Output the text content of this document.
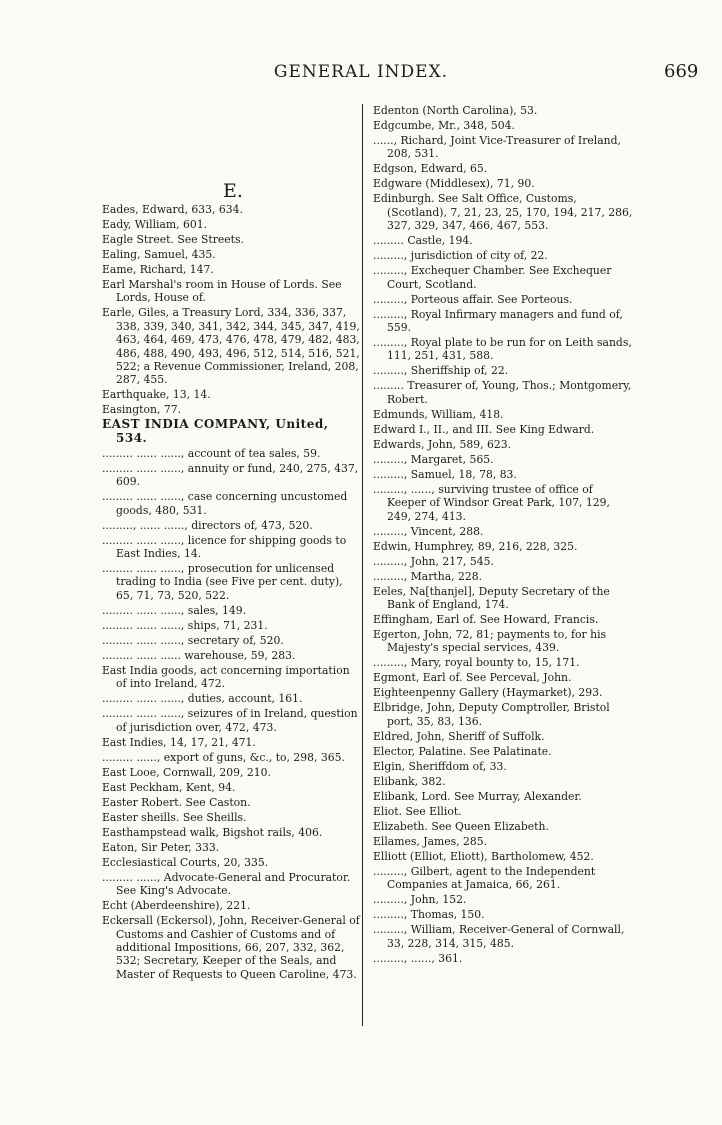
GENERAL INDEX.	669
E.
Eades, Edward, 633, 634.
Eady, William, 601.
Eagle Street. See Streets.
Ealing, Samuel, 435.
Eame, Richard, 147.
Earl Marshal's room in House of Lords. See Lords, House of.
Earle, Giles, a Treasury Lord, 334, 336, 337, 338, 339, 340, 341, 342, 344, 345, 347, 419, 463, 464, 469, 473, 476, 478, 479, 482, 483, 486, 488, 490, 493, 496, 512, 514, 516, 521, 522; a Revenue Commissioner, Ireland, 208, 287, 455.
Earthquake, 13, 14.
Easington, 77.
EAST INDIA COMPANY, United, 534.
......... ...... ......, account of tea sales, 59.
......... ...... ......, annuity or fund, 240, 275, 437, 609.
......... ...... ......, case concerning uncustomed goods, 480, 531.
........., ...... ......, directors of, 473, 520.
......... ...... ......, licence for shipping goods to East Indies, 14.
......... ...... ......, prosecution for unlicensed trading to India (see Five per cent. duty), 65, 71, 73, 520, 522.
......... ...... ......, sales, 149.
......... ...... ......, ships, 71, 231.
......... ...... ......, secretary of, 520.
......... ...... ...... warehouse, 59, 283.
East India goods, act concerning importation of into Ireland, 472.
......... ...... ......, duties, account, 161.
......... ...... ......, seizures of in Ireland, question of jurisdiction over, 472, 473.
East Indies, 14, 17, 21, 471.
......... ......, export of guns, &c., to, 298, 365.
East Looe, Cornwall, 209, 210.
East Peckham, Kent, 94.
Easter Robert. See Caston.
Easter sheills. See Sheills.
Easthampstead walk, Bigshot rails, 406.
Eaton, Sir Peter, 333.
Ecclesiastical Courts, 20, 335.
......... ......, Advocate-General and Procurator. See King's Advocate.
Echt (Aberdeenshire), 221.
Eckersall (Eckersol), John, Receiver-General of Customs and Cashier of Customs and of additional Impositions, 66, 207, 332, 362, 532; Secretary, Keeper of the Seals, and Master of Requests to Queen Caroline, 473.
Edenton (North Carolina), 53.
Edgcumbe, Mr., 348, 504.
......, Richard, Joint Vice-Treasurer of Ireland, 208, 531.
Edgson, Edward, 65.
Edgware (Middlesex), 71, 90.
Edinburgh. See Salt Office, Customs, (Scotland), 7, 21, 23, 25, 170, 194, 217, 286, 327, 329, 347, 466, 467, 553.
......... Castle, 194.
........., jurisdiction of city of, 22.
........., Exchequer Chamber. See Exchequer Court, Scotland.
........., Porteous affair. See Porteous.
........., Royal Infirmary managers and fund of, 559.
........., Royal plate to be run for on Leith sands, 111, 251, 431, 588.
........., Sheriffship of, 22.
......... Treasurer of, Young, Thos.; Montgomery, Robert.
Edmunds, William, 418.
Edward I., II., and III. See King Edward.
Edwards, John, 589, 623.
........., Margaret, 565.
........., Samuel, 18, 78, 83.
........., ......, surviving trustee of office of Keeper of Windsor Great Park, 107, 129, 249, 274, 413.
........., Vincent, 288.
Edwin, Humphrey, 89, 216, 228, 325.
........., John, 217, 545.
........., Martha, 228.
Eeles, Na[thanjel], Deputy Secretary of the Bank of England, 174.
Effingham, Earl of. See Howard, Francis.
Egerton, John, 72, 81; payments to, for his Majesty's special services, 439.
........., Mary, royal bounty to, 15, 171.
Egmont, Earl of. See Perceval, John.
Eighteenpenny Gallery (Haymarket), 293.
Elbridge, John, Deputy Comptroller, Bristol port, 35, 83, 136.
Eldred, John, Sheriff of Suffolk.
Elector, Palatine. See Palatinate.
Elgin, Sheriffdom of, 33.
Elibank, 382.
Elibank, Lord. See Murray, Alexander.
Eliot. See Elliot.
Elizabeth. See Queen Elizabeth.
Ellames, James, 285.
Elliott (Elliot, Eliott), Bartholomew, 452.
........., Gilbert, agent to the Independent Companies at Jamaica, 66, 261.
........., John, 152.
........., Thomas, 150.
........., William, Receiver-General of Cornwall, 33, 228, 314, 315, 485.
........., ......, 361.
